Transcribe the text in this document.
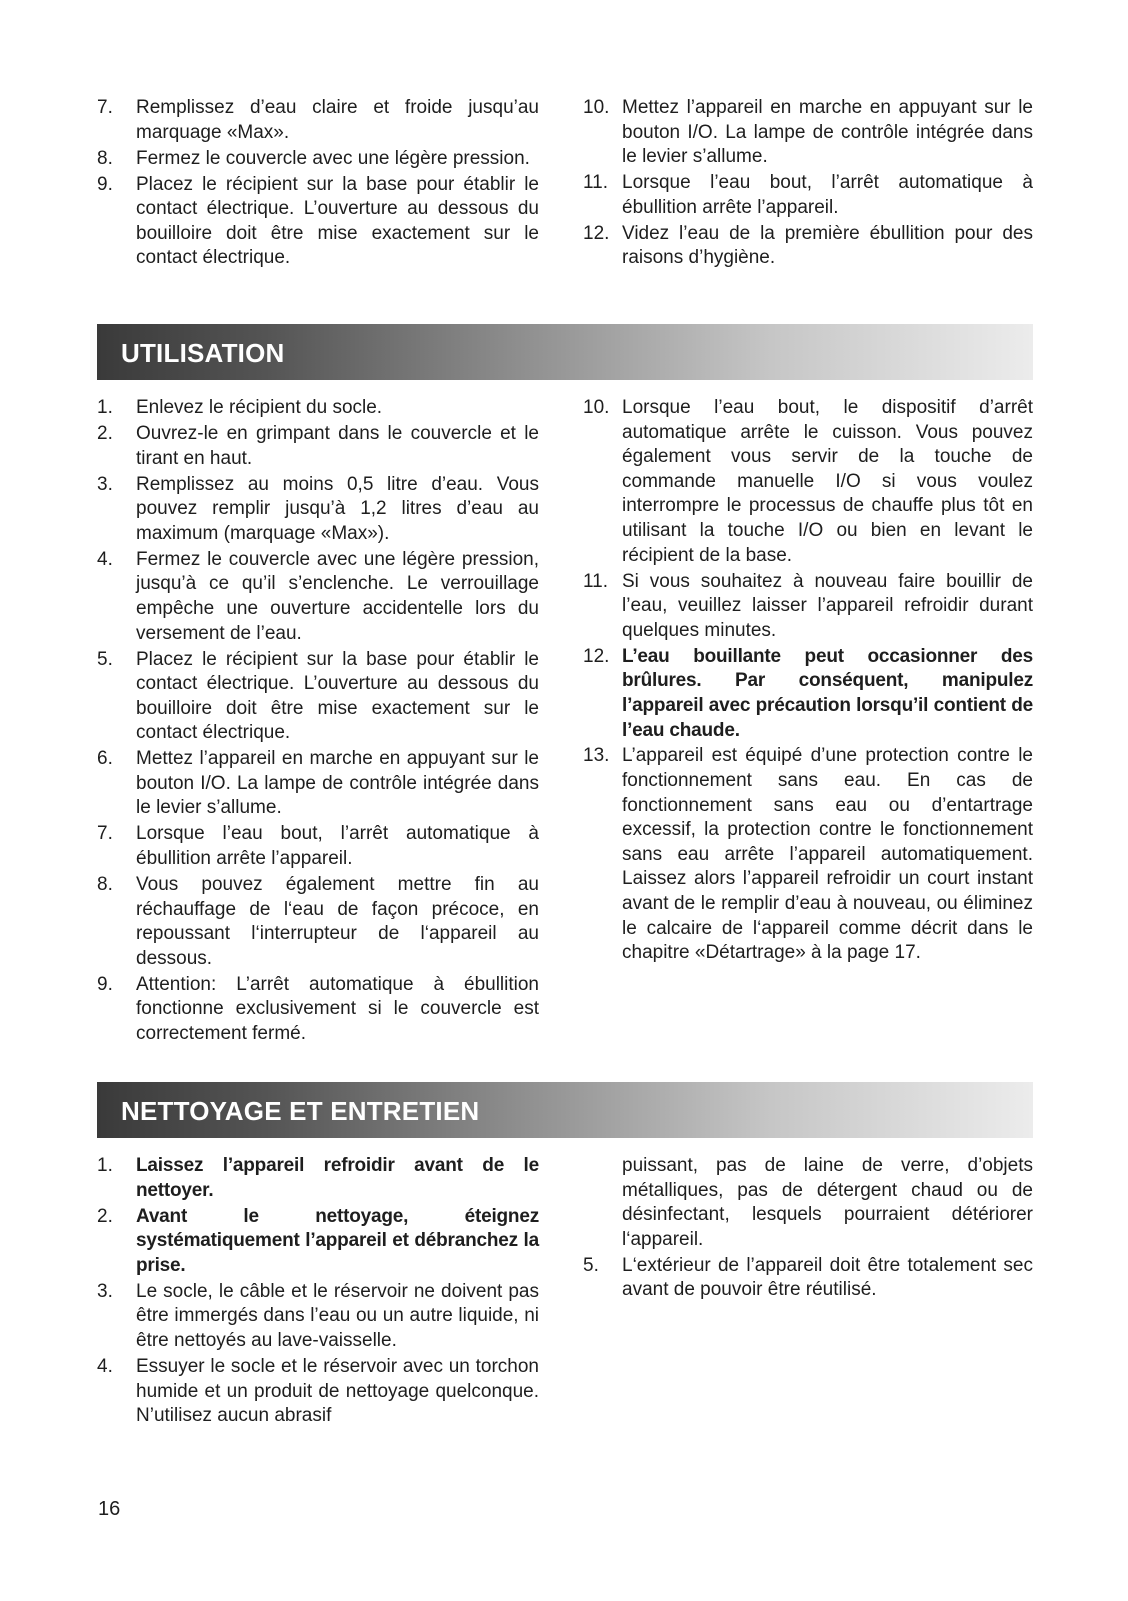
7. Remplissez d’eau claire et froide jusqu’au marquage «Max».
8. Fermez le couvercle avec une légère pression.
9. Placez le récipient sur la base pour établir le contact électrique. L’ouverture au dessous du bouilloire doit être mise exactement sur le contact électrique.
10. Mettez l’appareil en marche en appuyant sur le bouton I/O. La lampe de contrôle intégrée dans le levier s’allume.
11. Lorsque l’eau bout, l’arrêt automatique à ébullition arrête l’appareil.
12. Videz l’eau de la première ébullition pour des raisons d’hygiène.
UTILISATION
1. Enlevez le récipient du socle.
2. Ouvrez-le en grimpant dans le couvercle et le tirant en haut.
3. Remplissez au moins 0,5 litre d’eau. Vous pouvez remplir jusqu’à 1,2 litres d’eau au maximum (marquage «Max»).
4. Fermez le couvercle avec une légère pression, jusqu’à ce qu’il s’enclenche. Le verrouillage empêche une ouverture accidentelle lors du versement de l’eau.
5. Placez le récipient sur la base pour établir le contact électrique. L’ouverture au dessous du bouilloire doit être mise exactement sur le contact électrique.
6. Mettez l’appareil en marche en appuyant sur le bouton I/O. La lampe de contrôle intégrée dans le levier s’allume.
7. Lorsque l’eau bout, l’arrêt automatique à ébullition arrête l’appareil.
8. Vous pouvez également mettre fin au réchauffage de l‘eau de façon précoce, en repoussant l‘interrupteur de l‘appareil au dessous.
9. Attention: L’arrêt automatique à ébullition fonctionne exclusivement si le couvercle est correctement fermé.
10. Lorsque l’eau bout, le dispositif d’arrêt automatique arrête le cuisson. Vous pouvez également vous servir de la touche de commande manuelle I/O si vous voulez interrompre le processus de chauffe plus tôt en utilisant la touche I/O ou bien en levant le récipient de la base.
11. Si vous souhaitez à nouveau faire bouillir de l’eau, veuillez laisser l’appareil refroidir durant quelques minutes.
12. L’eau bouillante peut occasionner des brûlures. Par conséquent, manipulez l’appareil avec précaution lorsqu’il contient de l’eau chaude.
13. L’appareil est équipé d’une protection contre le fonctionnement sans eau. En cas de fonctionnement sans eau ou d’entartrage excessif, la protection contre le fonctionnement sans eau arrête l’appareil automatiquement. Laissez alors l’appareil refroidir un court instant avant de le remplir d’eau à nouveau, ou éliminez le calcaire de l‘appareil comme décrit dans le chapitre «Détartrage» à la page 17.
NETTOYAGE ET ENTRETIEN
1. Laissez l’appareil refroidir avant de le nettoyer.
2. Avant le nettoyage, éteignez systématiquement l’appareil et débranchez la prise.
3. Le socle, le câble et le réservoir ne doivent pas être immergés dans l’eau ou un autre liquide, ni être nettoyés au lave-vaisselle.
4. Essuyer le socle et le réservoir avec un torchon humide et un produit de nettoyage quelconque. N’utilisez aucun abrasif
puissant, pas de laine de verre, d’objets métalliques, pas de détergent chaud ou de désinfectant, lesquels pourraient détériorer l‘appareil.
5. L‘extérieur de l’appareil doit être totalement sec avant de pouvoir être réutilisé.
16
